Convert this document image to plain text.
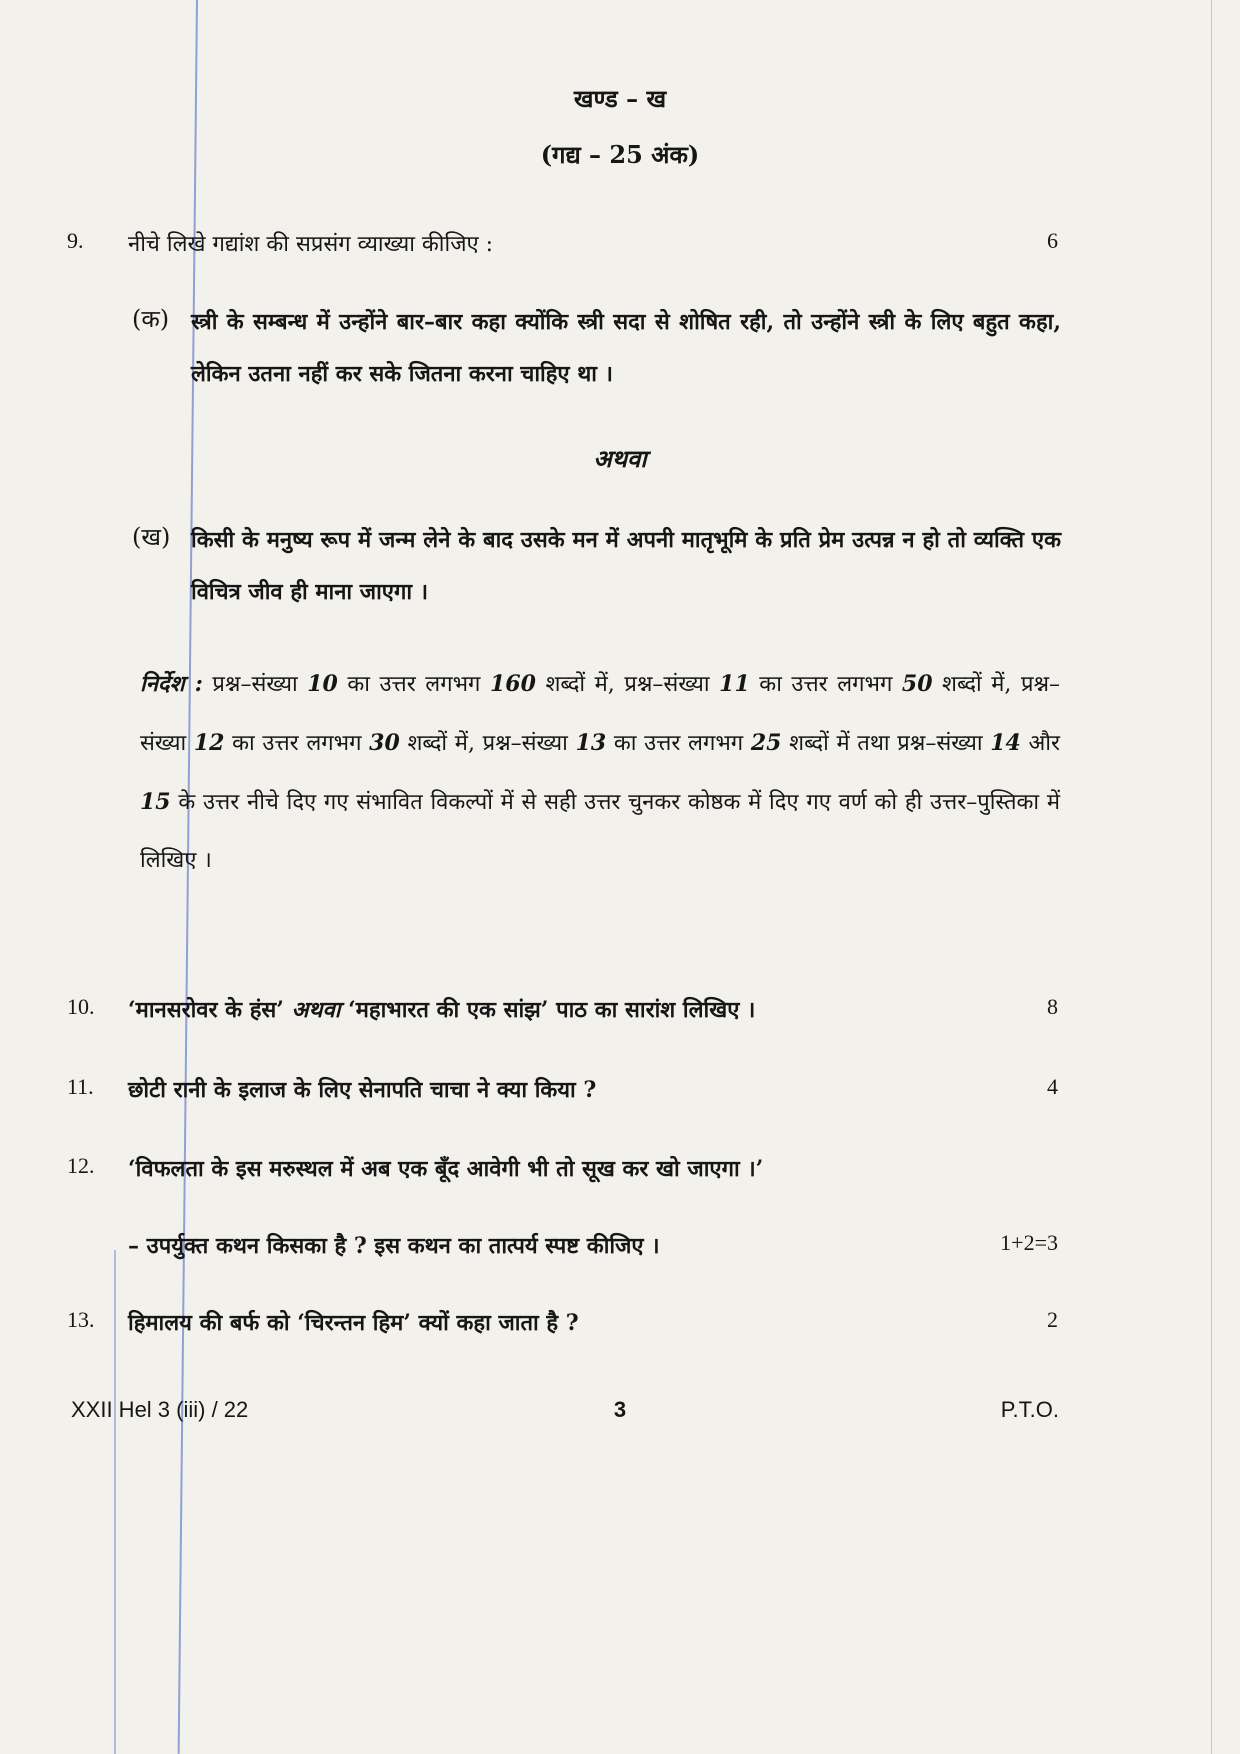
खण्ड – ख
(गद्य – 25 अंक)
9. नीचे लिखे गद्यांश की सप्रसंग व्याख्या कीजिए :	6
(क) स्त्री के सम्बन्ध में उन्होंने बार–बार कहा क्योंकि स्त्री सदा से शोषित रही, तो उन्होंने स्त्री के लिए बहुत कहा, लेकिन उतना नहीं कर सके जितना करना चाहिए था ।
अथवा
(ख) किसी के मनुष्य रूप में जन्म लेने के बाद उसके मन में अपनी मातृभूमि के प्रति प्रेम उत्पन्न न हो तो व्यक्ति एक विचित्र जीव ही माना जाएगा ।
निर्देश : प्रश्न–संख्या 10 का उत्तर लगभग 160 शब्दों में, प्रश्न–संख्या 11 का उत्तर लगभग 50 शब्दों में, प्रश्न–संख्या 12 का उत्तर लगभग 30 शब्दों में, प्रश्न–संख्या 13 का उत्तर लगभग 25 शब्दों में तथा प्रश्न–संख्या 14 और 15 के उत्तर नीचे दिए गए संभावित विकल्पों में से सही उत्तर चुनकर कोष्ठक में दिए गए वर्ण को ही उत्तर–पुस्तिका में लिखिए ।
10. ‘मानसरोवर के हंस’ अथवा ‘महाभारत की एक सांझ’ पाठ का सारांश लिखिए ।	8
11. छोटी रानी के इलाज के लिए सेनापति चाचा ने क्या किया ?	4
12. ‘विफलता के इस मरुस्थल में अब एक बूँद आवेगी भी तो सूख कर खो जाएगा ।’
– उपर्युक्त कथन किसका है ? इस कथन का तात्पर्य स्पष्ट कीजिए ।	1+2=3
13. हिमालय की बर्फ को ‘चिरन्तन हिम’ क्यों कहा जाता है ?	2
XXII Hel 3 (iii) / 22	3	P.T.O.
